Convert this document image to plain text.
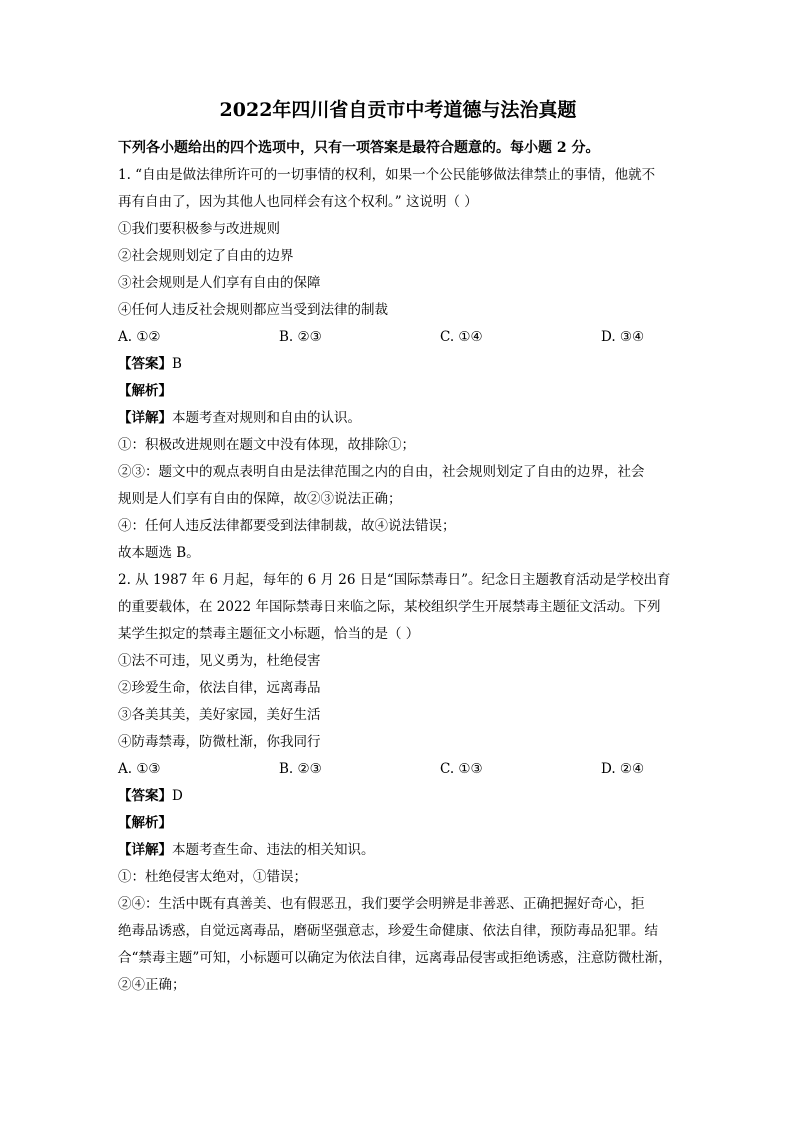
2022年四川省自贡市中考道德与法治真题
下列各小题给出的四个选项中，只有一项答案是最符合题意的。每小题 2 分。
1. “自由是做法律所许可的一切事情的权利，如果一个公民能够做法律禁止的事情，他就不
再有自由了，因为其他人也同样会有这个权利。” 这说明（ ）
①我们要积极参与改进规则
②社会规则划定了自由的边界
③社会规则是人们享有自由的保障
④任何人违反社会规则都应当受到法律的制裁
A. ①②	B. ②③	C. ①④	D. ③④
【答案】B
【解析】
【详解】本题考查对规则和自由的认识。
①：积极改进规则在题文中没有体现，故排除①；
②③：题文中的观点表明自由是法律范围之内的自由，社会规则划定了自由的边界，社会
规则是人们享有自由的保障，故②③说法正确；
④：任何人违反法律都要受到法律制裁，故④说法错误；
故本题选 B。
2. 从 1987 年 6 月起，每年的 6 月 26 日是“国际禁毒日”。纪念日主题教育活动是学校出育
的重要载体，在 2022 年国际禁毒日来临之际，某校组织学生开展禁毒主题征文活动。下列
某学生拟定的禁毒主题征文小标题，恰当的是（ ）
①法不可违，见义勇为，杜绝侵害
②珍爱生命，依法自律，远离毒品
③各美其美，美好家园，美好生活
④防毒禁毒，防微杜渐，你我同行
A. ①③	B. ②③	C. ①③	D. ②④
【答案】D
【解析】
【详解】本题考查生命、违法的相关知识。
①：杜绝侵害太绝对，①错误；
②④：生活中既有真善美、也有假恶丑，我们要学会明辨是非善恶、正确把握好奇心，拒
绝毒品诱惑，自觉远离毒品，磨砺坚强意志，珍爱生命健康、依法自律，预防毒品犯罪。结
合“禁毒主题”可知，小标题可以确定为依法自律，远离毒品侵害或拒绝诱惑，注意防微杜渐，
②④正确；
